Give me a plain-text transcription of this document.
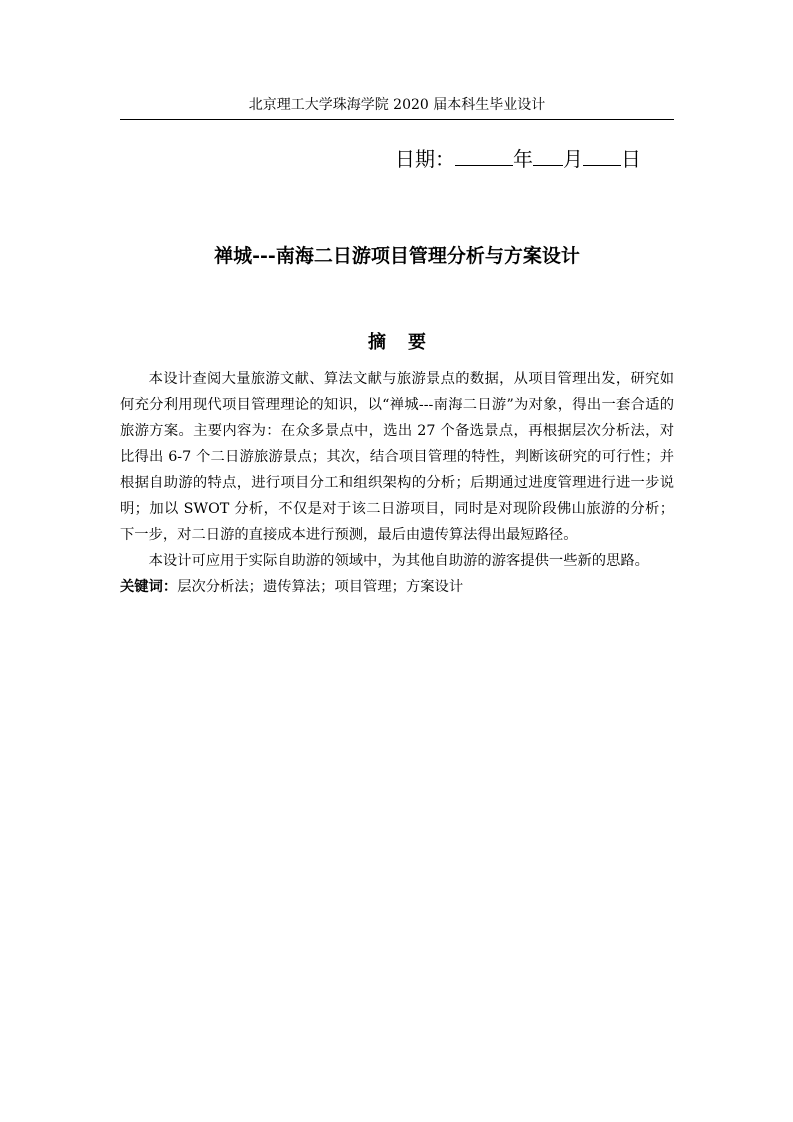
北京理工大学珠海学院 2020 届本科生毕业设计
日期：	年 月 日
禅城---南海二日游项目管理分析与方案设计
摘要

本设计查阅大量旅游文献、算法文献与旅游景点的数据，从项目管理出发，研究如何充分利用现代项目管理理论的知识，以“禅城---南海二日游”为对象，得出一套合适的旅游方案。主要内容为：在众多景点中，选出 27 个备选景点，再根据层次分析法，对比得出 6-7 个二日游旅游景点；其次，结合项目管理的特性，判断该研究的可行性；并根据自助游的特点，进行项目分工和组织架构的分析；后期通过进度管理进行进一步说明；加以 SWOT 分析，不仅是对于该二日游项目，同时是对现阶段佛山旅游的分析；下一步，对二日游的直接成本进行预测，最后由遗传算法得出最短路径。

本设计可应用于实际自助游的领域中，为其他自助游的游客提供一些新的思路。

关键词：层次分析法；遗传算法；项目管理；方案设计
